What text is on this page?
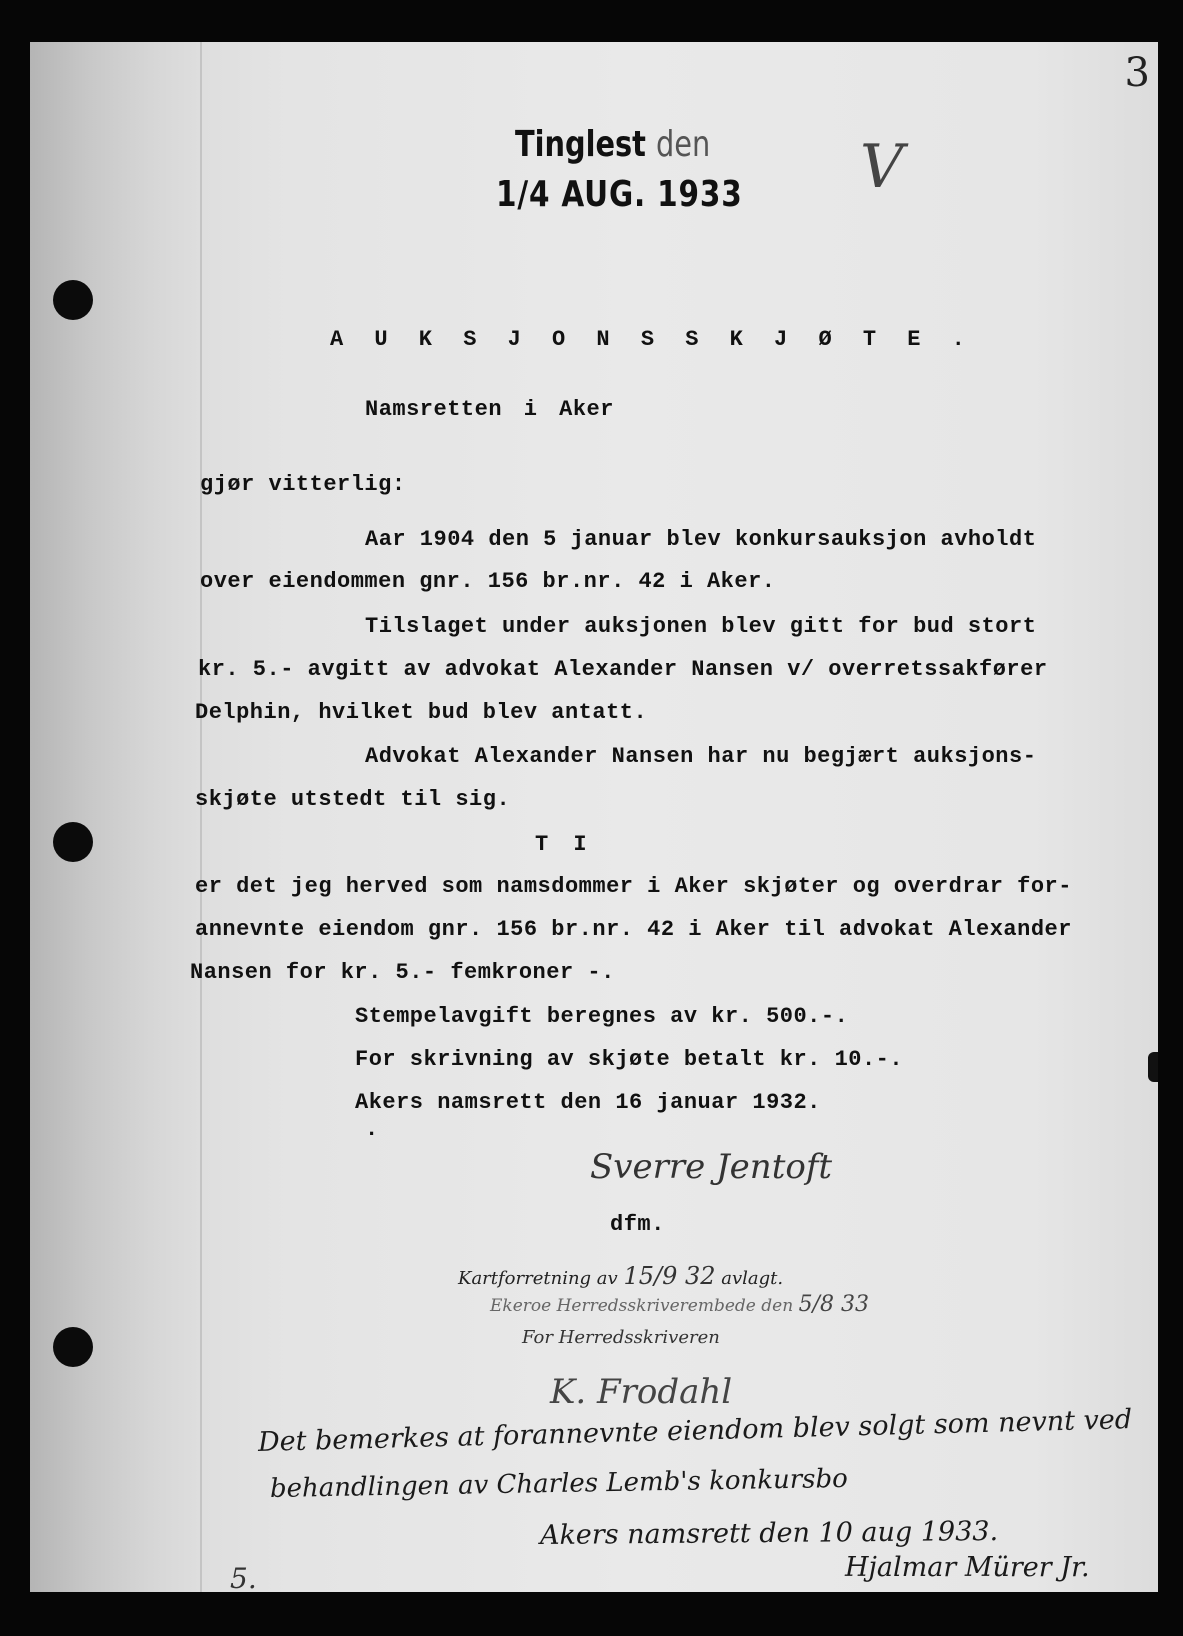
3
Tinglest den
1/4 AUG. 1933 V
A U K S J O N S S K J Ø T E .
Namsretten i Aker
gjør vitterlig:
Aar 1904 den 5 januar blev konkursauksjon avholdt
over eiendommen gnr. 156 br.nr. 42 i Aker.
Tilslaget under auksjonen blev gitt for bud stort
kr. 5.- avgitt av advokat Alexander Nansen v/ overretssakfører
Delphin, hvilket bud blev antatt.
Advokat Alexander Nansen har nu begjært auksjons-
skjøte utstedt til sig.
T I
er det jeg herved som namsdommer i Aker skjøter og overdrar for-
annevnte eiendom gnr. 156 br.nr. 42 i Aker til advokat Alexander
Nansen for kr. 5.- femkroner -.
Stempelavgift beregnes av kr. 500.-.
For skrivning av skjøte betalt kr. 10.-.
Akers namsrett den 16 januar 1932.
.
Sverre Jentoft
dfm.
Kartforretning av 15/9 32 avlagt.
Ekeroe Herredsskriverembede den 5/8 33
For Herredsskriveren
K. Frodahl
Det bemerkes at forannevnte eiendom blev solgt som nevnt ved
behandlingen av Charles Lemb's konkursbo
Akers namsrett den 10 aug 1933.
Hjalmar Mürer Jr.
5.
